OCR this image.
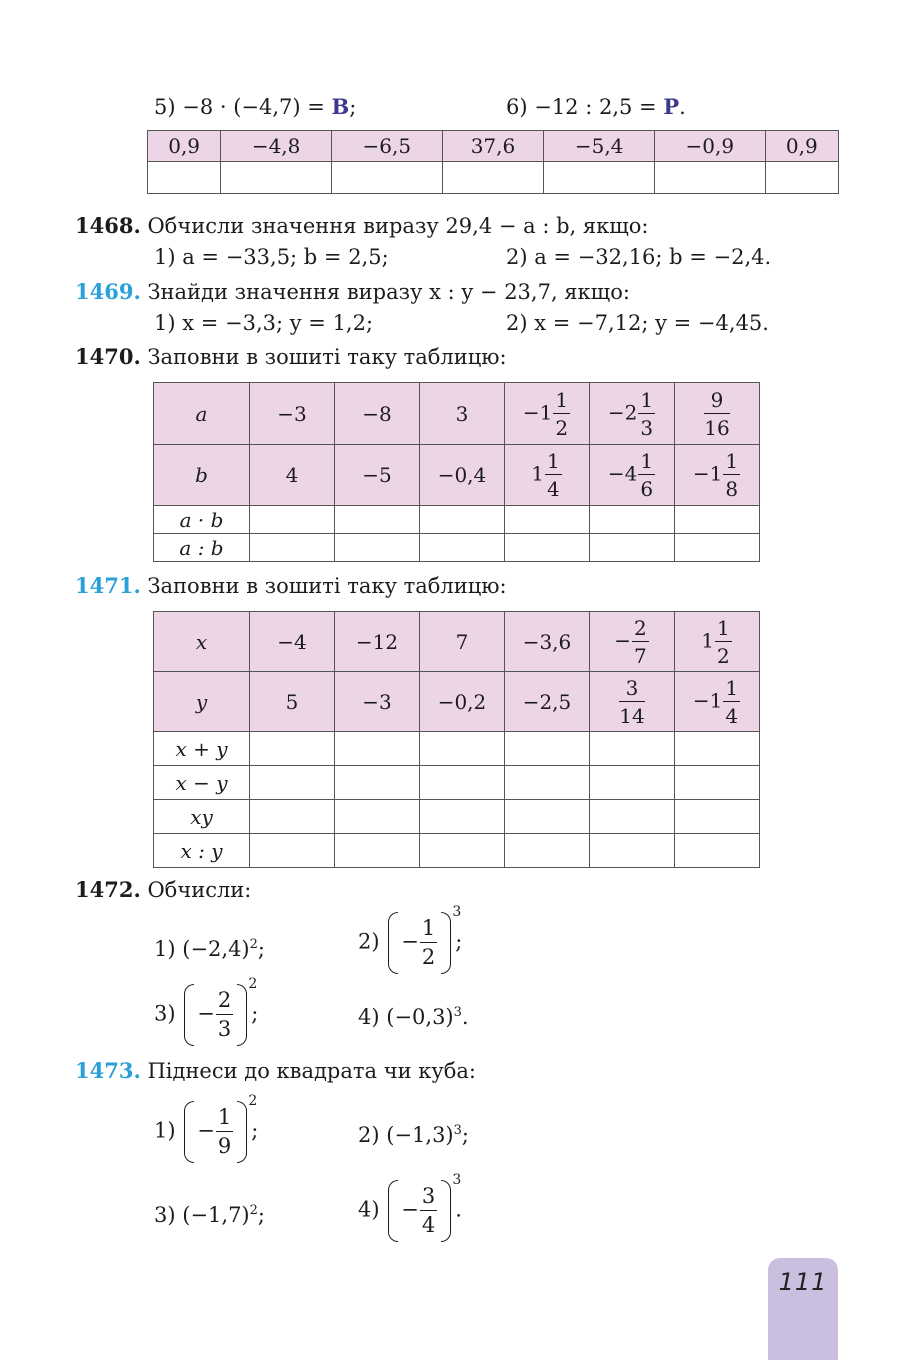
5) −8 · (−4,7) = В;	6) −12 : 2,5 = Р.
0,9	−4,8	−6,5	37,6	−5,4	−0,9	0,9

1468. Обчисли значення виразу 29,4 − a : b, якщо:
1) a = −33,5; b = 2,5;	2) a = −32,16; b = −2,4.
1469. Знайди значення виразу x : y − 23,7, якщо:
1) x = −3,3; y = 1,2;	2) x = −7,12; y = −4,45.
1470. Заповни в зошиті таку таблицю:
a	−3	−8	3	$-1 \frac{1}{2}$	$-2 \frac{1}{3}$	$\frac{9}{16}$

b	4	−5	−0,4	$1 \frac{1}{4}$	$-4 \frac{1}{6}$	$-1 \frac{1}{8}$

a · b						
a : b						
1471. Заповни в зошиті таку таблицю:
x	−4	−12	7	−3,6	− $\frac{2}{7}$	$1 \frac{1}{2}$

y	5	−3	−0,2	−2,5	$\frac{3}{14}$	$-1 \frac{1}{4}$

x + y						
x − y						
xy						
x : y						
1472. Обчисли:
1) $(-2,4)^2$;	$2) - \frac{1}{2}$
3
;
$3) - \frac{2}{3}$
2
;	4) $(-0,3)^3$.
1473. Піднеси до квадрата чи куба:
$1) - \frac{1}{9}$
2
;	2) $(-1,3)^3$;
3) $(-1,7)^2$;	$4) - \frac{3}{4}$
3
.
111
